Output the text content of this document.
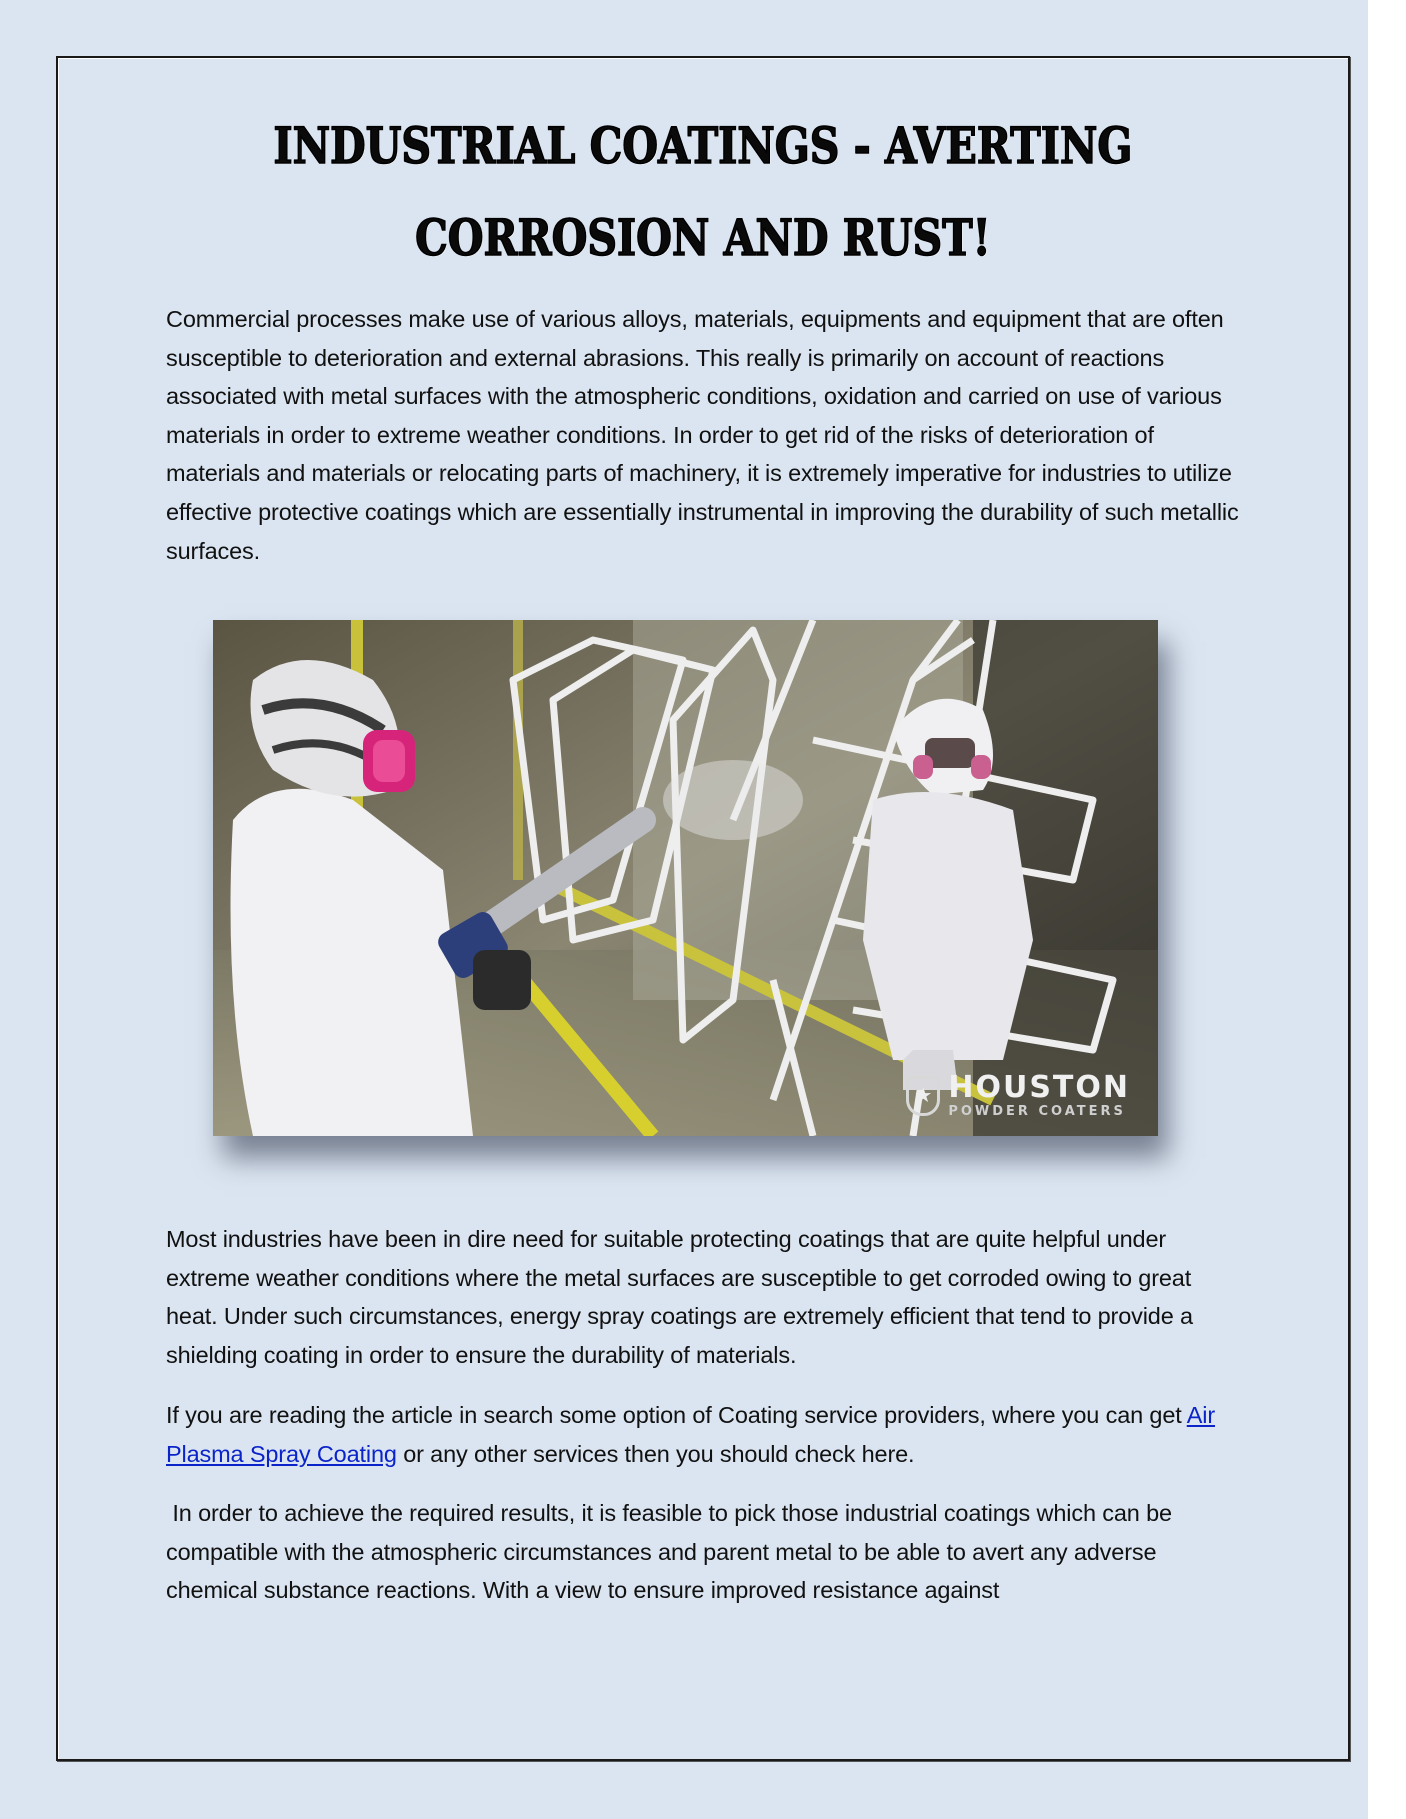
INDUSTRIAL COATINGS - AVERTING
CORROSION AND RUST!

Commercial processes make use of various alloys, materials, equipments and equipment that are often susceptible to deterioration and external abrasions. This really is primarily on account of reactions associated with metal surfaces with the atmospheric conditions, oxidation and carried on use of various materials in order to extreme weather conditions. In order to get rid of the risks of deterioration of materials and materials or relocating parts of machinery, it is extremely imperative for industries to utilize effective protective coatings which are essentially instrumental in improving the durability of such metallic surfaces.

★ HOUSTON
POWDER COATERS

Most industries have been in dire need for suitable protecting coatings that are quite helpful under extreme weather conditions where the metal surfaces are susceptible to get corroded owing to great heat. Under such circumstances, energy spray coatings are extremely efficient that tend to provide a shielding coating in order to ensure the durability of materials.

If you are reading the article in search some option of Coating service providers, where you can get Air Plasma Spray Coating or any other services then you should check here.

In order to achieve the required results, it is feasible to pick those industrial coatings which can be compatible with the atmospheric circumstances and parent metal to be able to avert any adverse chemical substance reactions. With a view to ensure improved resistance against
